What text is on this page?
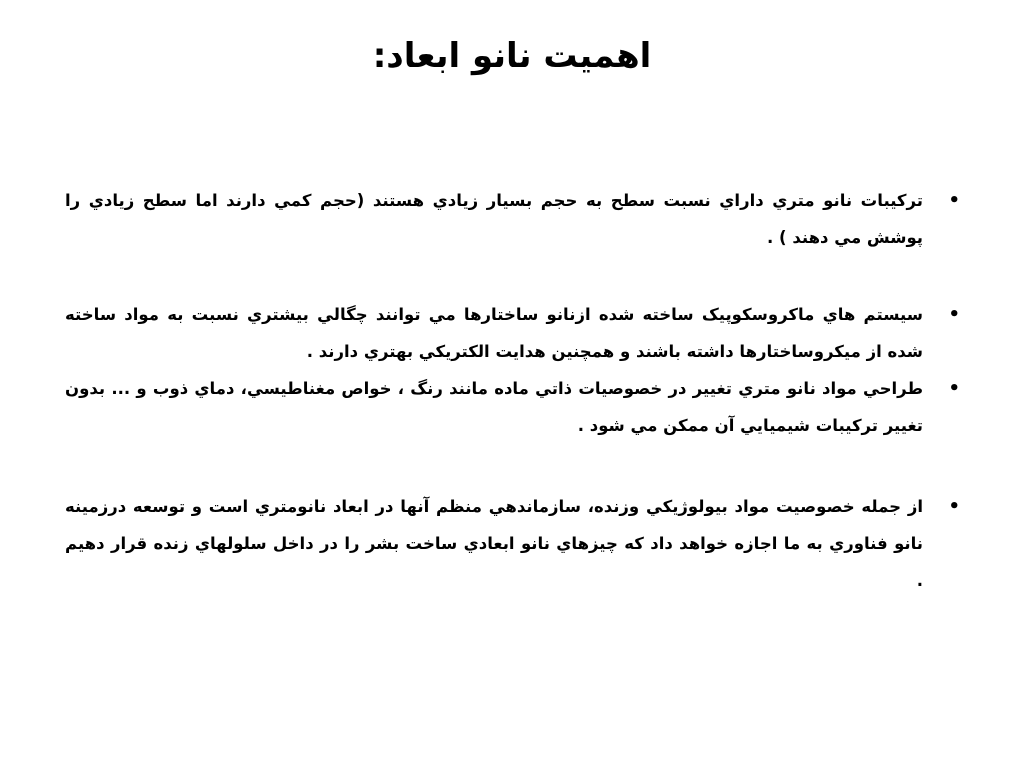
اهمیت نانو ابعاد:
•
تركيبات نانو متري داراي نسبت سطح به حجم بسيار زيادي هستند (حجم كمي دارند اما سطح زيادي را پوشش مي دهند ) .
•
سيستم هاي ماكروسكوپيک ساخته شده ازنانو ساختارها مي توانند چگالي بيشتري نسبت به مواد ساخته شده از ميكروساختارها داشته باشند و همچنين هدايت الكتريكي بهتري دارند .
•
طراحي مواد نانو متري تغيير در خصوصيات ذاتي ماده مانند رنگ ، خواص مغناطيسي، دماي ذوب و ... بدون تغيير تركيبات شيميايي آن ممكن مي شود .
•
از جمله خصوصيت مواد بيولوژيكي وزنده، سازماندهي منظم آنها در ابعاد نانومتري است و توسعه درزمينه نانو فناوري به ما اجازه خواهد داد كه چيزهاي نانو ابعادي ساخت بشر را در داخل سلولهاي زنده قرار دهيم .
